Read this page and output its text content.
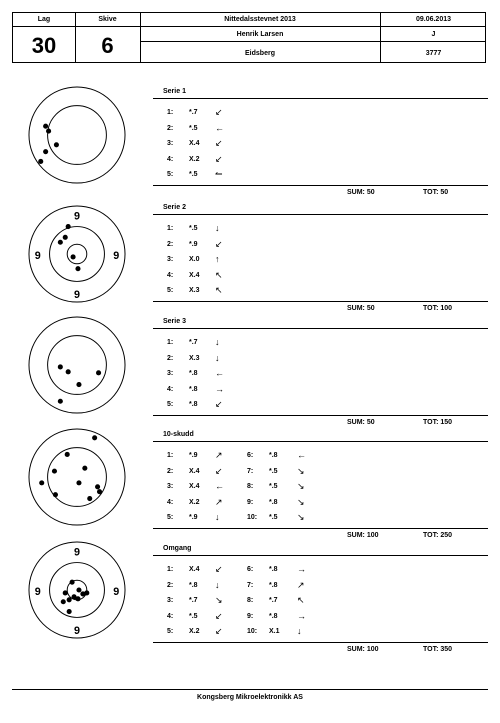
Lag
30
Skive
6
Nittedalsstevnet 2013	09.06.2013
Henrik Larsen	J
Eidsberg	3777
9
9
9	9
9
9
9	9
Serie 1
1: *.7 ↙
2: *.5 ←
3: X.4 ↙
4: X.2 ↙
5: *.5 ↼
SUM: 50	TOT: 50
Serie 2
1: *.5 ↓
2: *.9 ↙
3: X.0 ↑
4: X.4 ↖
5: X.3 ↖
SUM: 50	TOT: 100
Serie 3
1: *.7 ↓
2: X.3 ↓
3: *.8 ←
4: *.8 →
5: *.8 ↙
SUM: 50	TOT: 150
10-skudd
1: *.9 ↗
2: X.4 ↙
3: X.4 ←
4: X.2 ↗
5: *.9 ↓
6: *.8 ←
7: *.5 ↘
8: *.5 ↘
9: *.8 ↘
10: *.5 ↘
SUM: 100	TOT: 250
Omgang
1: X.4 ↙
2: *.8 ↓
3: *.7 ↘
4: *.5 ↙
5: X.2 ↙
6: *.8 →
7: *.8 ↗
8: *.7 ↖
9: *.8 →
10: X.1 ↓
SUM: 100	TOT: 350
Kongsberg Mikroelektronikk AS
